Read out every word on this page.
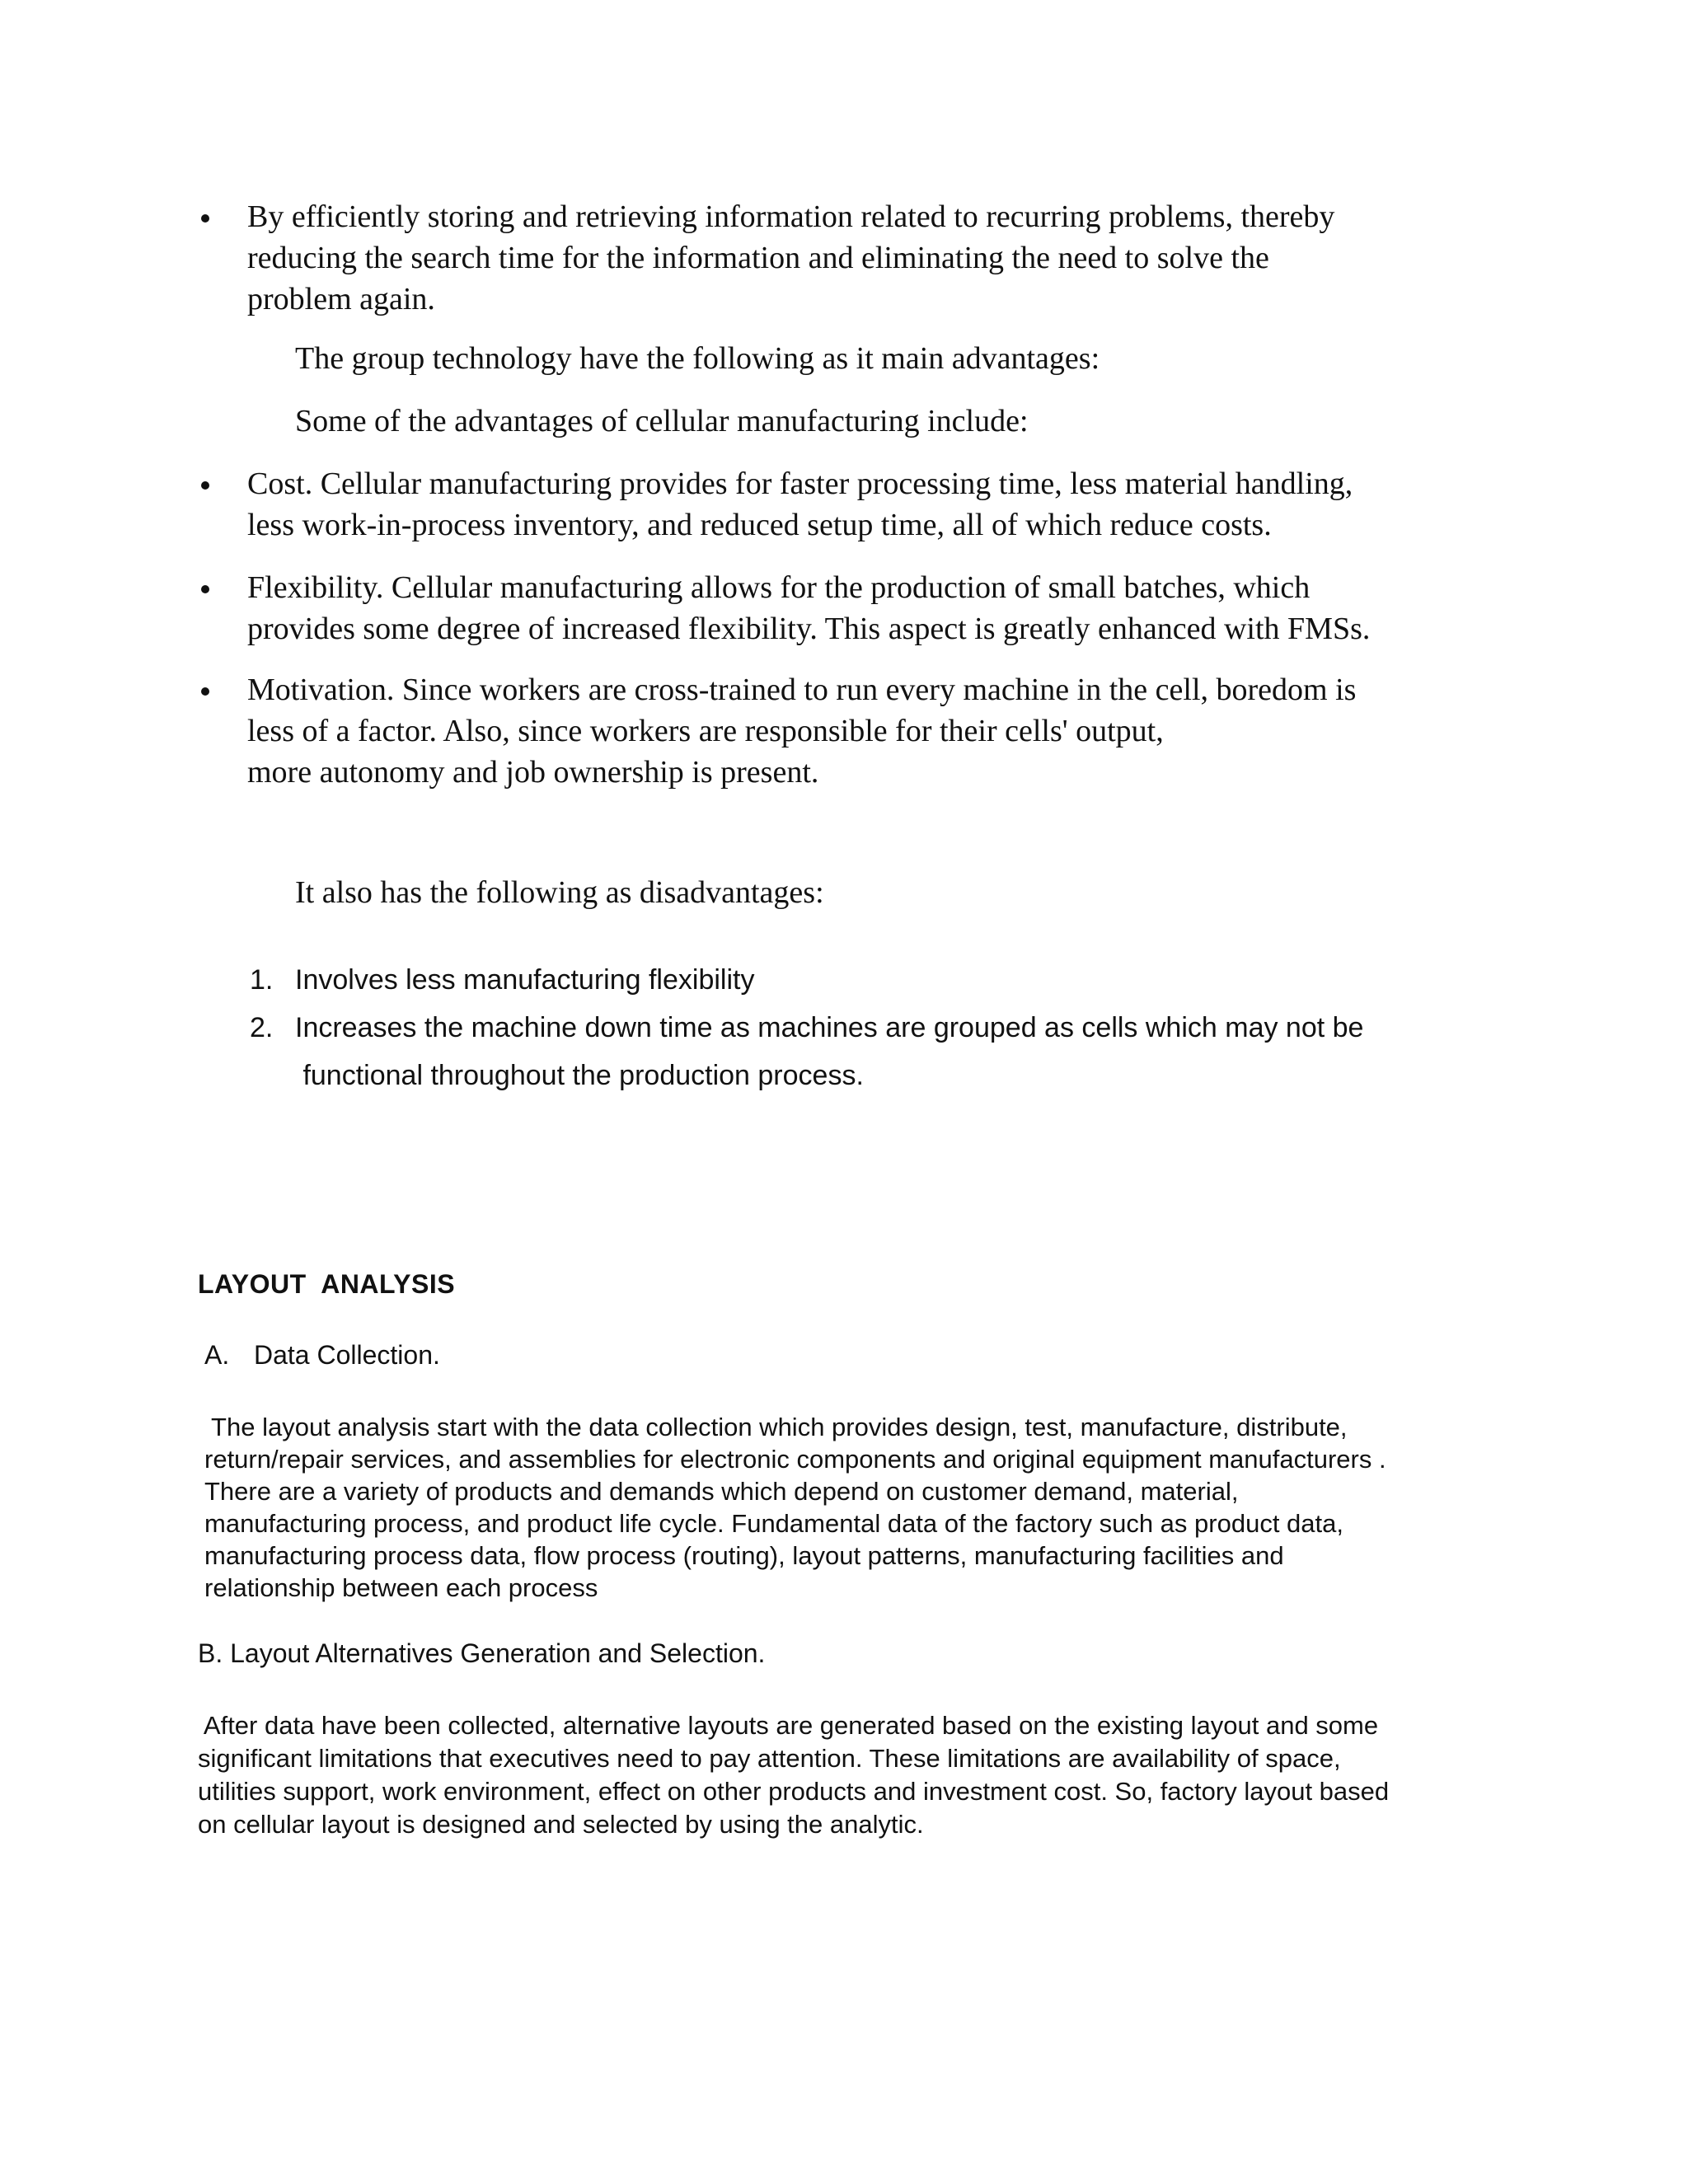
By efficiently storing and retrieving information related to recurring problems, thereby
reducing the search time for the information and eliminating the need to solve the
problem again.
The group technology have the following as it main advantages:
Some of the advantages of cellular manufacturing include:
Cost. Cellular manufacturing provides for faster processing time, less material handling,
less work-in-process inventory, and reduced setup time, all of which reduce costs.
Flexibility. Cellular manufacturing allows for the production of small batches, which
provides some degree of increased flexibility. This aspect is greatly enhanced with FMSs.
Motivation. Since workers are cross-trained to run every machine in the cell, boredom is
less of a factor. Also, since workers are responsible for their cells' output,
more autonomy and job ownership is present.
It also has the following as disadvantages:
1. Involves less manufacturing flexibility
2. Increases the machine down time as machines are grouped as cells which may not be
functional throughout the production process.
LAYOUT  ANALYSIS
A. Data Collection.
The layout analysis start with the data collection which provides design, test, manufacture, distribute,
return/repair services, and assemblies for electronic components and original equipment manufacturers .
There are a variety of products and demands which depend on customer demand, material,
manufacturing process, and product life cycle. Fundamental data of the factory such as product data,
manufacturing process data, flow process (routing), layout patterns, manufacturing facilities and
relationship between each process
B. Layout Alternatives Generation and Selection.
After data have been collected, alternative layouts are generated based on the existing layout and some
significant limitations that executives need to pay attention. These limitations are availability of space,
utilities support, work environment, effect on other products and investment cost. So, factory layout based
on cellular layout is designed and selected by using the analytic.
